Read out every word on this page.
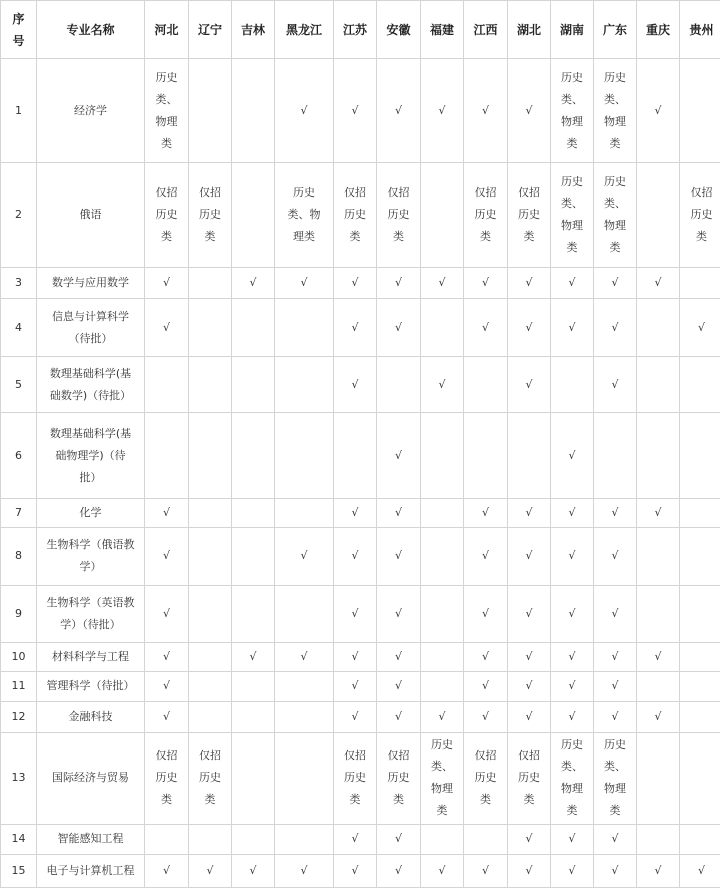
序
号	专业名称	河北	辽宁	吉林	黑龙江	江苏	安徽	福建	江西	湖北	湖南	广东	重庆	贵州
1	经济学	历史
类、
物理
类			√	√	√	√	√	√	历史
类、
物理
类	历史
类、
物理
类	√	
2	俄语	仅招
历史
类	仅招
历史
类		历史
类、物
理类	仅招
历史
类	仅招
历史
类		仅招
历史
类	仅招
历史
类	历史
类、
物理
类	历史
类、
物理
类		仅招
历史
类
3	数学与应用数学	√		√	√	√	√	√	√	√	√	√	√	
4	信息与计算科学
（待批）	√				√	√		√	√	√	√		√
5	数理基础科学(基
础数学)（待批）					√		√		√		√		
6	数理基础科学(基
础物理学)（待
批）						√				√			
7	化学	√				√	√		√	√	√	√	√	
8	生物科学（俄语教
学）	√			√	√	√		√	√	√	√		
9	生物科学（英语教
学）（待批）	√				√	√		√	√	√	√		
10	材料科学与工程	√		√	√	√	√		√	√	√	√	√	
11	管理科学（待批）	√				√	√		√	√	√	√		
12	金融科技	√				√	√	√	√	√	√	√	√	
13	国际经济与贸易	仅招
历史
类	仅招
历史
类			仅招
历史
类	仅招
历史
类	历史
类、
物理
类	仅招
历史
类	仅招
历史
类	历史
类、
物理
类	历史
类、
物理
类		
14	智能感知工程					√	√			√	√	√		
15	电子与计算机工程	√	√	√	√	√	√	√	√	√	√	√	√	√
